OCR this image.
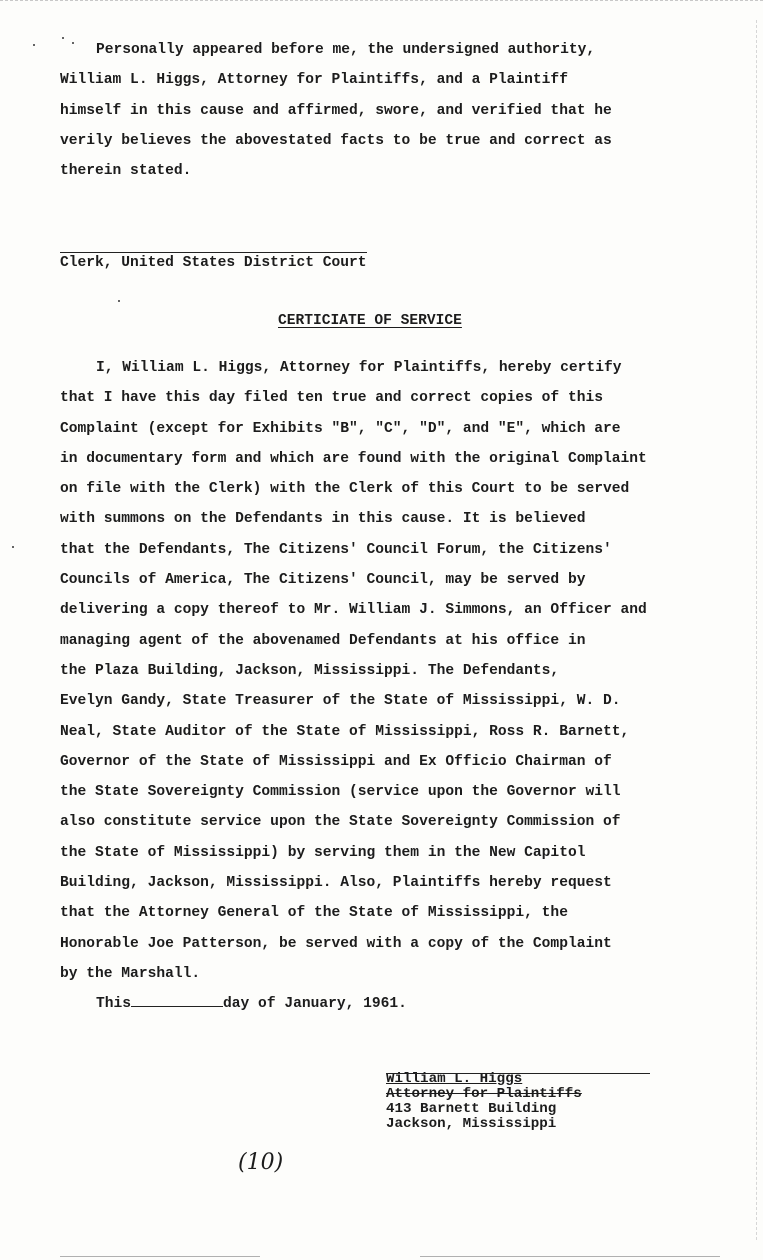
Personally appeared before me, the undersigned authority,
William L. Higgs, Attorney for Plaintiffs, and a Plaintiff
himself in this cause and affirmed, swore, and verified that he
verily believes the abovestated facts to be true and correct as
therein stated.
Clerk, United States District Court
CERTICIATE OF SERVICE
I, William L. Higgs, Attorney for Plaintiffs, hereby certify
that I have this day filed ten true and correct copies of this
Complaint (except for Exhibits "B", "C", "D", and "E", which are
in documentary form and which are found with the original Complaint
on file with the Clerk) with the Clerk of this Court to be served
with summons on the Defendants in this cause. It is believed
that the Defendants, The Citizens' Council Forum, the Citizens'
Councils of America, The Citizens' Council, may be served by
delivering a copy thereof to Mr. William J. Simmons, an Officer and
managing agent of the abovenamed Defendants at his office in
the Plaza Building, Jackson, Mississippi. The Defendants,
Evelyn Gandy, State Treasurer of the State of Mississippi, W. D.
Neal, State Auditor of the State of Mississippi, Ross R. Barnett,
Governor of the State of Mississippi and Ex Officio Chairman of
the State Sovereignty Commission (service upon the Governor will
also constitute service upon the State Sovereignty Commission of
the State of Mississippi) by serving them in the New Capitol
Building, Jackson, Mississippi. Also, Plaintiffs hereby request
that the Attorney General of the State of Mississippi, the
Honorable Joe Patterson, be served with a copy of the Complaint
by the Marshall.
This	day of January, 1961.
William L. Higgs
Attorney for Plaintiffs
413 Barnett Building
Jackson, Mississippi
(10)
